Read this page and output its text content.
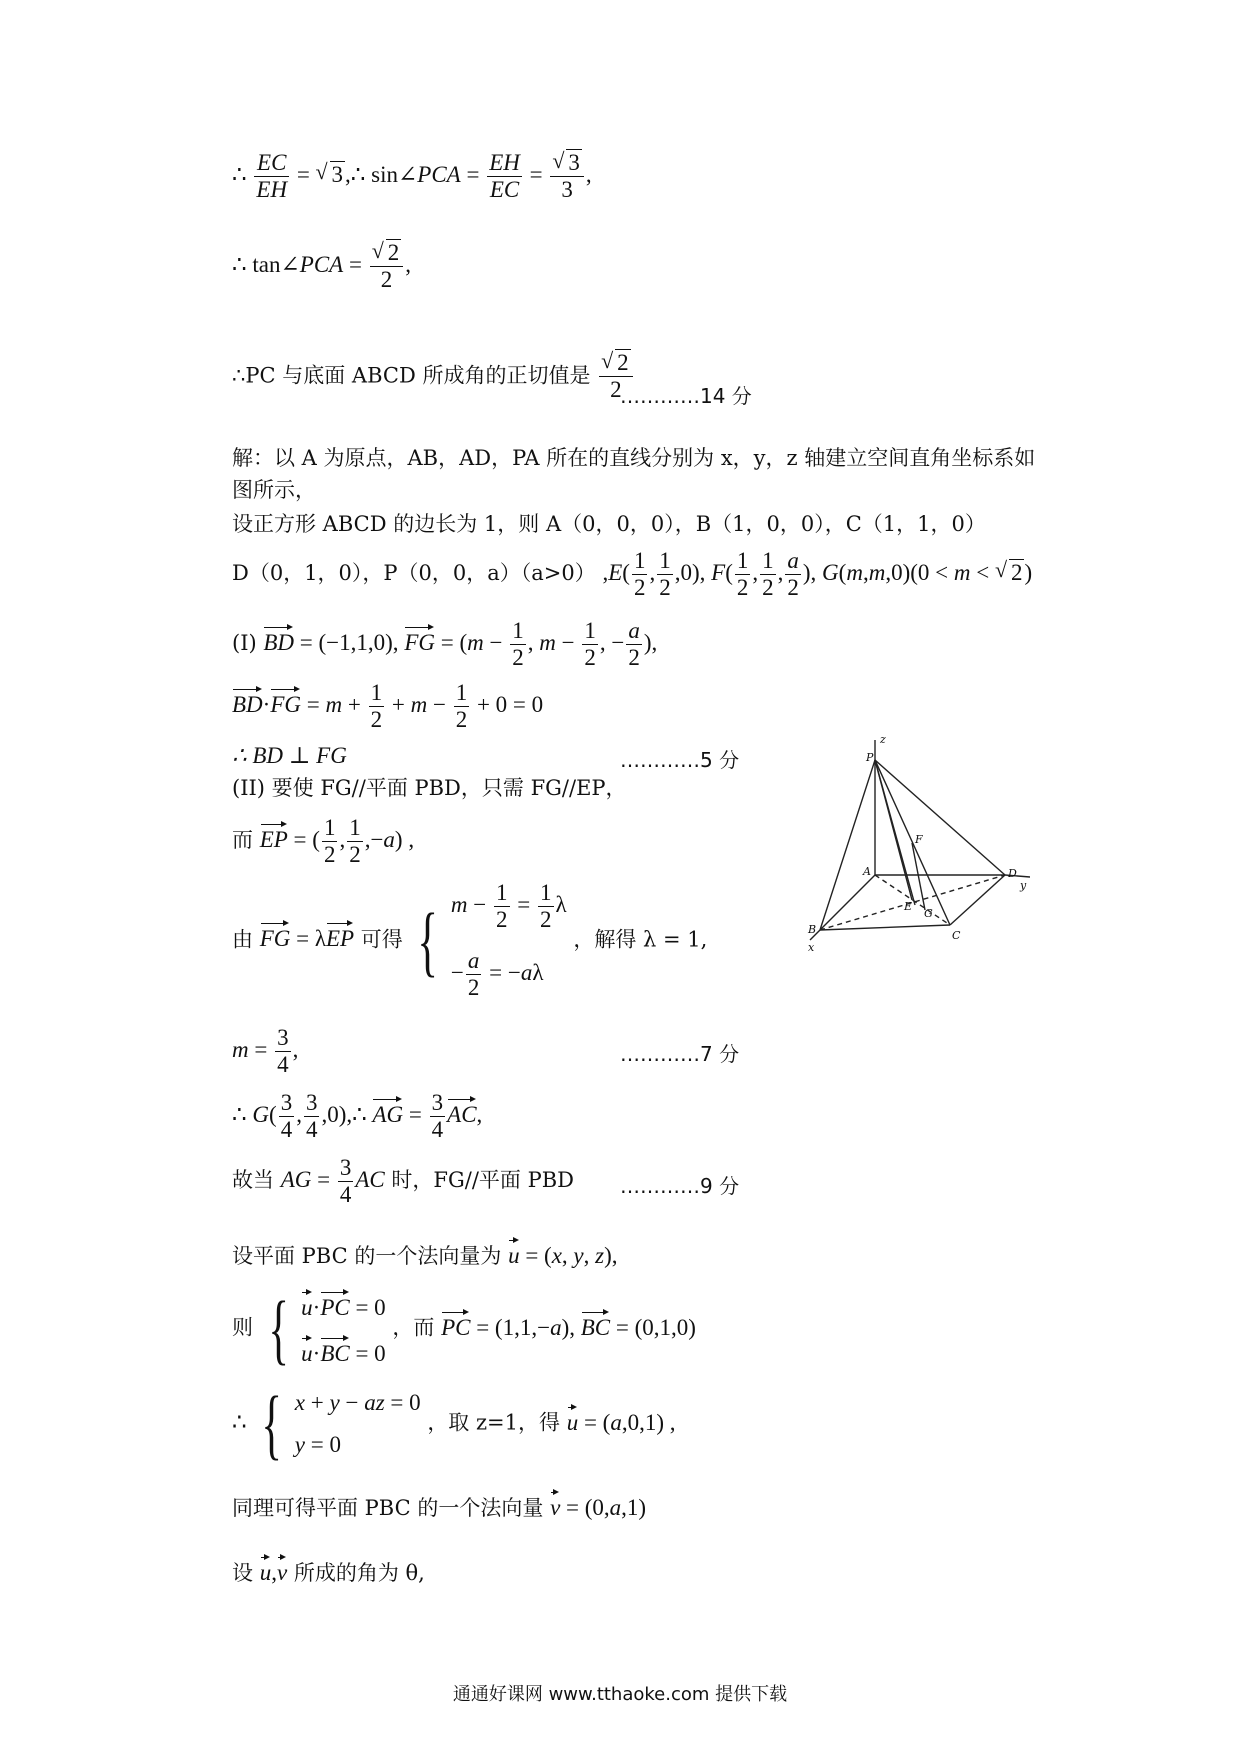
∴ $\frac{EC}{EH}$ = √ 3,∴ sin∠PCA = $\frac{EH}{EC}$ = √ $\frac{3}{3}$ ,
∴ tan∠PCA = √ $\frac{2}{2}$ ,
∴PC 与底面 ABCD 所成角的正切值是 √ $\frac{2}{2}$
…………14 分
解：以 A 为原点，AB，AD，PA 所在的直线分别为 x，y，z 轴建立空间直角坐标系如
图所示，
设正方形 ABCD 的边长为 1，则 A（0，0，0），B（1，0，0），C（1，1，0）
D（0，1，0），P（0，0，a）（a>0） $,E( \frac{1}{2}$ , $\frac{1}{2} ,0$), $F( \frac{1}{2}$ , $\frac{1}{2}$ , $\frac{a}{2}$ ), G(m,m,0)(0 < m < √ 2)
(I) BD = (−1,1,0), FG = ($m - \frac{1}{2}$ , $m - \frac{1}{2}$ , − $\frac{a}{2}$ ),
$BD\cdot FG = m + \frac{1}{2} + m - \frac{1}{2} + 0 = 0$
∴ BD ⊥ FG	…………5 分
(II) 要使 FG//平面 PBD，只需 FG//EP，
而 EP = ( $\frac{1}{2}$ , $\frac{1}{2} ,-a$) ,
由 FG = λEP 可得 { $m - \frac{1}{2} = \frac{1}{2}$ λ
− $\frac{a}{2} = -a\lambda$
，解得 λ = 1,
$m = \frac{3}{4}$ ,	…………7 分
∴ $G( \frac{3}{4}$ , $\frac{3}{4}$ ,0),∴ AG = $\frac{3}{4}$ AC,
故当 AG = $\frac{3}{4}$ AC 时，FG//平面 PBD …………9 分
设平面 PBC 的一个法向量为 u = (x, y, z),
则 { u·PC = 0
u·BC = 0
，而 PC = (1,1,−a), BC = (0,1,0)
∴ { x + y − az = 0
y = 0
，取 z=1，得 u = (a,0,1) ,
同理可得平面 PBC 的一个法向量 v = (0,a,1)
设 u,v 所成的角为 θ,
P
z
A
B
x
C
D
y
F
E
G
通通好课网 www.tthaoke.com 提供下载
